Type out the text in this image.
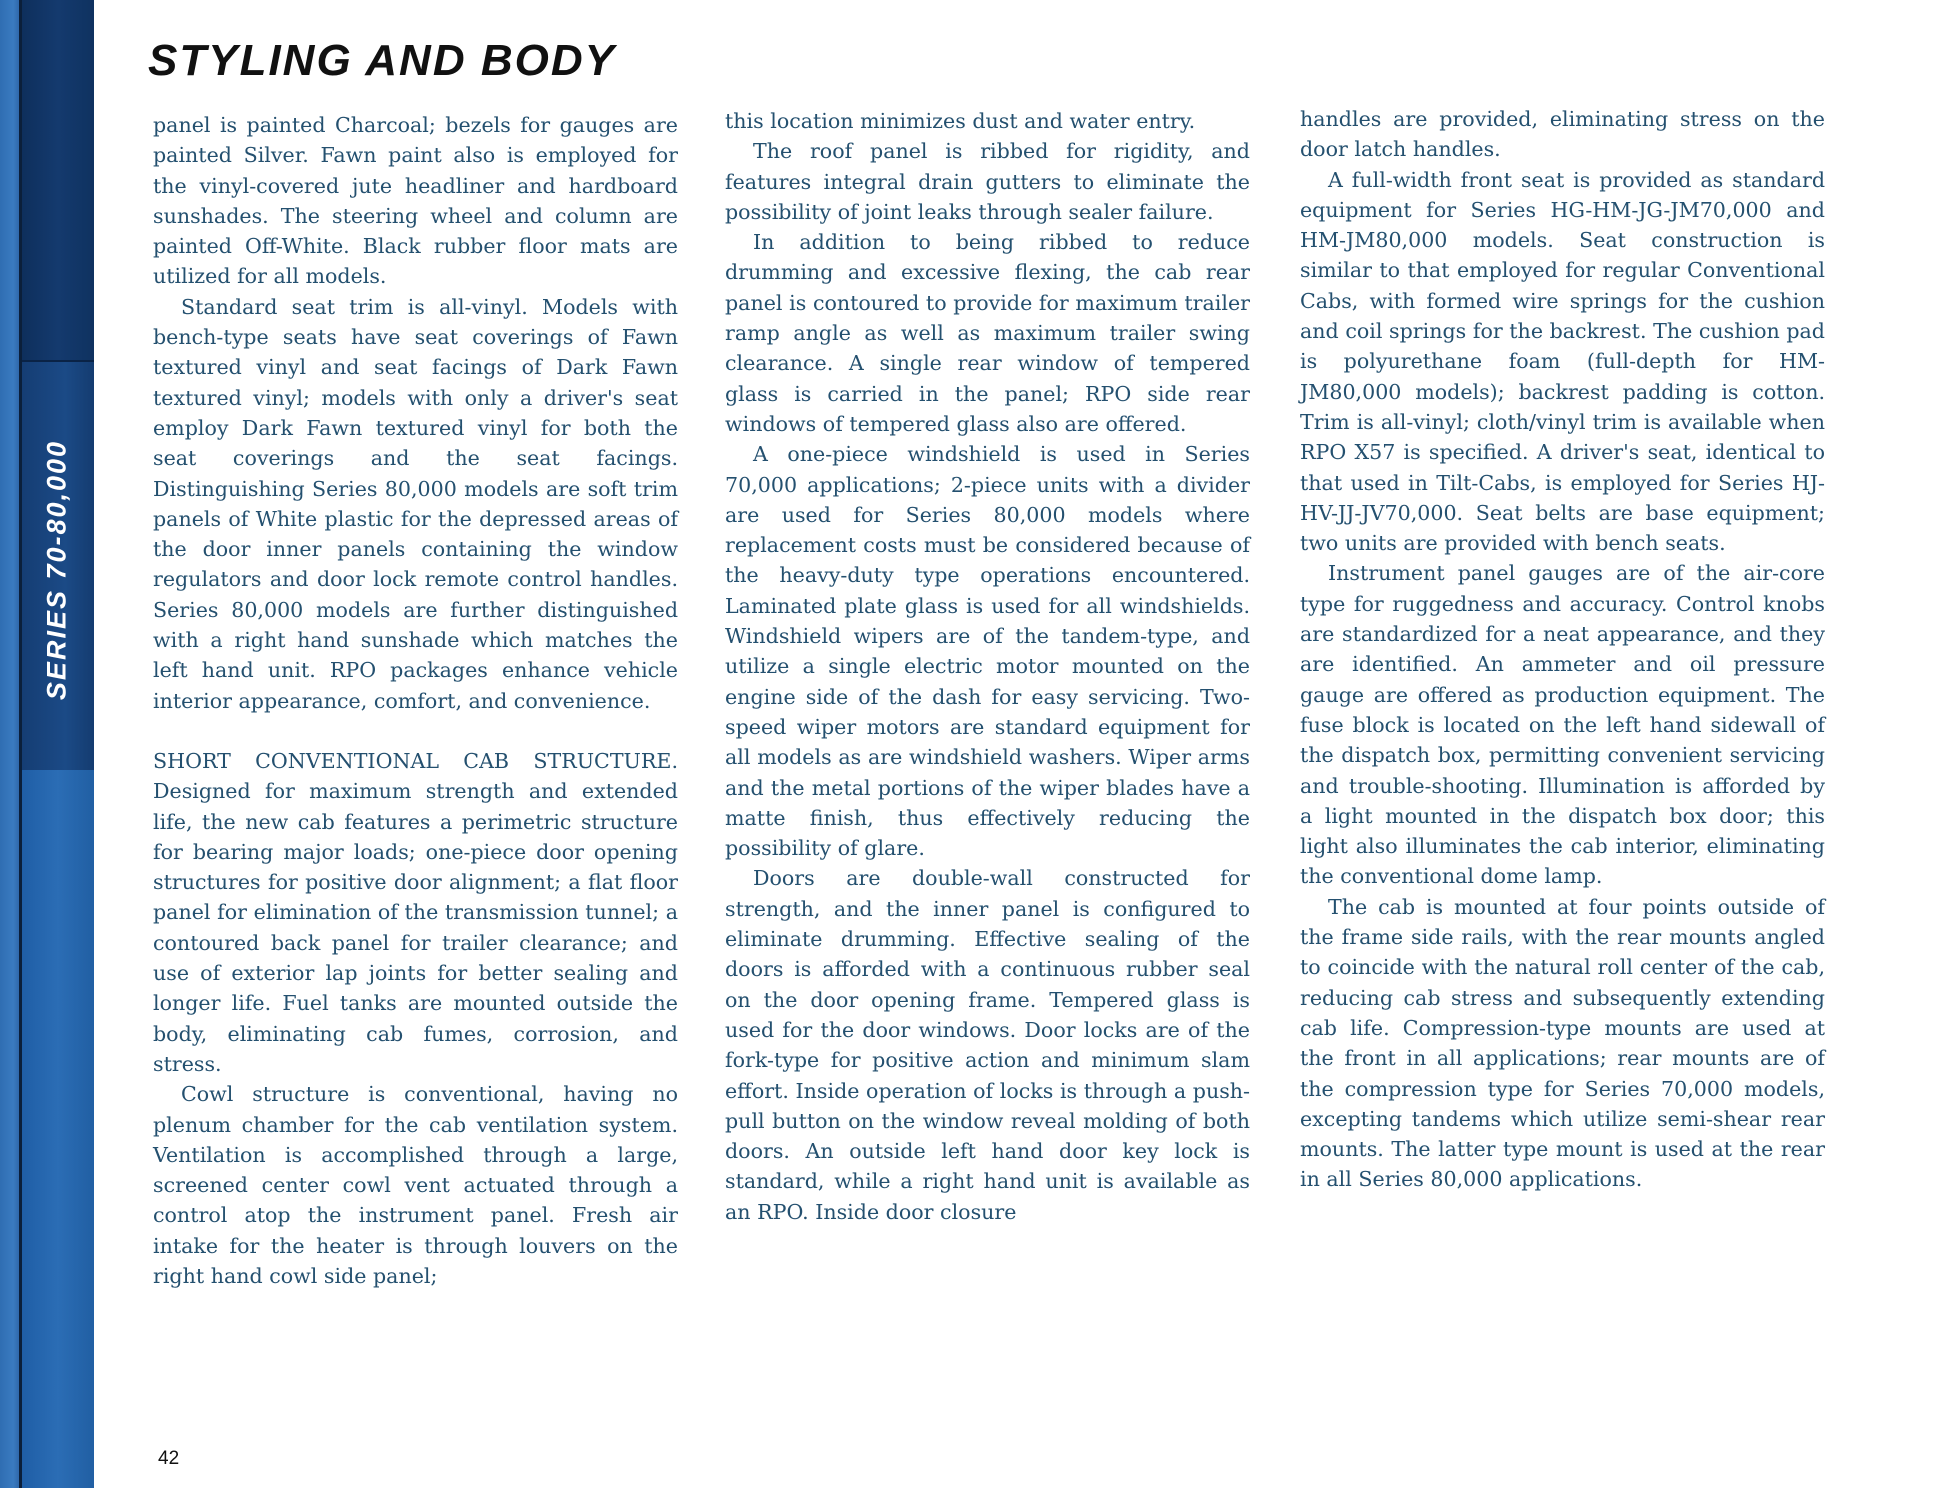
SERIES 70-80,000
STYLING AND BODY

panel is painted Charcoal; bezels for gauges are painted Silver. Fawn paint also is employed for the vinyl-covered jute headliner and hardboard sunshades. The steering wheel and column are painted Off-White. Black rubber floor mats are utilized for all models.

Standard seat trim is all-vinyl. Models with bench-type seats have seat coverings of Fawn textured vinyl and seat facings of Dark Fawn textured vinyl; models with only a driver's seat employ Dark Fawn textured vinyl for both the seat coverings and the seat facings. Distinguishing Series 80,000 models are soft trim panels of White plastic for the depressed areas of the door inner panels containing the window regulators and door lock remote control handles. Series 80,000 models are further distinguished with a right hand sunshade which matches the left hand unit. RPO packages enhance vehicle interior appearance, comfort, and convenience.

SHORT CONVENTIONAL CAB STRUCTURE. Designed for maximum strength and extended life, the new cab features a perimetric structure for bearing major loads; one-piece door opening structures for positive door alignment; a flat floor panel for elimination of the transmission tunnel; a contoured back panel for trailer clearance; and use of exterior lap joints for better sealing and longer life. Fuel tanks are mounted outside the body, eliminating cab fumes, corrosion, and stress.

Cowl structure is conventional, having no plenum chamber for the cab ventilation system. Ventilation is accomplished through a large, screened center cowl vent actuated through a control atop the instrument panel. Fresh air intake for the heater is through louvers on the right hand cowl side panel;

this location minimizes dust and water entry.

The roof panel is ribbed for rigidity, and features integral drain gutters to eliminate the possibility of joint leaks through sealer failure.

In addition to being ribbed to reduce drumming and excessive flexing, the cab rear panel is contoured to provide for maximum trailer ramp angle as well as maximum trailer swing clearance. A single rear window of tempered glass is carried in the panel; RPO side rear windows of tempered glass also are offered.

A one-piece windshield is used in Series 70,000 applications; 2-piece units with a divider are used for Series 80,000 models where replacement costs must be considered because of the heavy-duty type operations encountered. Laminated plate glass is used for all windshields. Windshield wipers are of the tandem-type, and utilize a single electric motor mounted on the engine side of the dash for easy servicing. Two-speed wiper motors are standard equipment for all models as are windshield washers. Wiper arms and the metal portions of the wiper blades have a matte finish, thus effectively reducing the possibility of glare.

Doors are double-wall constructed for strength, and the inner panel is configured to eliminate drumming. Effective sealing of the doors is afforded with a continuous rubber seal on the door opening frame. Tempered glass is used for the door windows. Door locks are of the fork-type for positive action and minimum slam effort. Inside operation of locks is through a push-pull button on the window reveal molding of both doors. An outside left hand door key lock is standard, while a right hand unit is available as an RPO. Inside door closure

handles are provided, eliminating stress on the door latch handles.

A full-width front seat is provided as standard equipment for Series HG-HM-JG-JM70,000 and HM-JM80,000 models. Seat construction is similar to that employed for regular Conventional Cabs, with formed wire springs for the cushion and coil springs for the backrest. The cushion pad is polyurethane foam (full-depth for HM-JM80,000 models); backrest padding is cotton. Trim is all-vinyl; cloth/vinyl trim is available when RPO X57 is specified. A driver's seat, identical to that used in Tilt-Cabs, is employed for Series HJ-HV-JJ-JV70,000. Seat belts are base equipment; two units are provided with bench seats.

Instrument panel gauges are of the air-core type for ruggedness and accuracy. Control knobs are standardized for a neat appearance, and they are identified. An ammeter and oil pressure gauge are offered as production equipment. The fuse block is located on the left hand sidewall of the dispatch box, permitting convenient servicing and trouble-shooting. Illumination is afforded by a light mounted in the dispatch box door; this light also illuminates the cab interior, eliminating the conventional dome lamp.

The cab is mounted at four points outside of the frame side rails, with the rear mounts angled to coincide with the natural roll center of the cab, reducing cab stress and subsequently extending cab life. Compression-type mounts are used at the front in all applications; rear mounts are of the compression type for Series 70,000 models, excepting tandems which utilize semi-shear rear mounts. The latter type mount is used at the rear in all Series 80,000 applications.

42
